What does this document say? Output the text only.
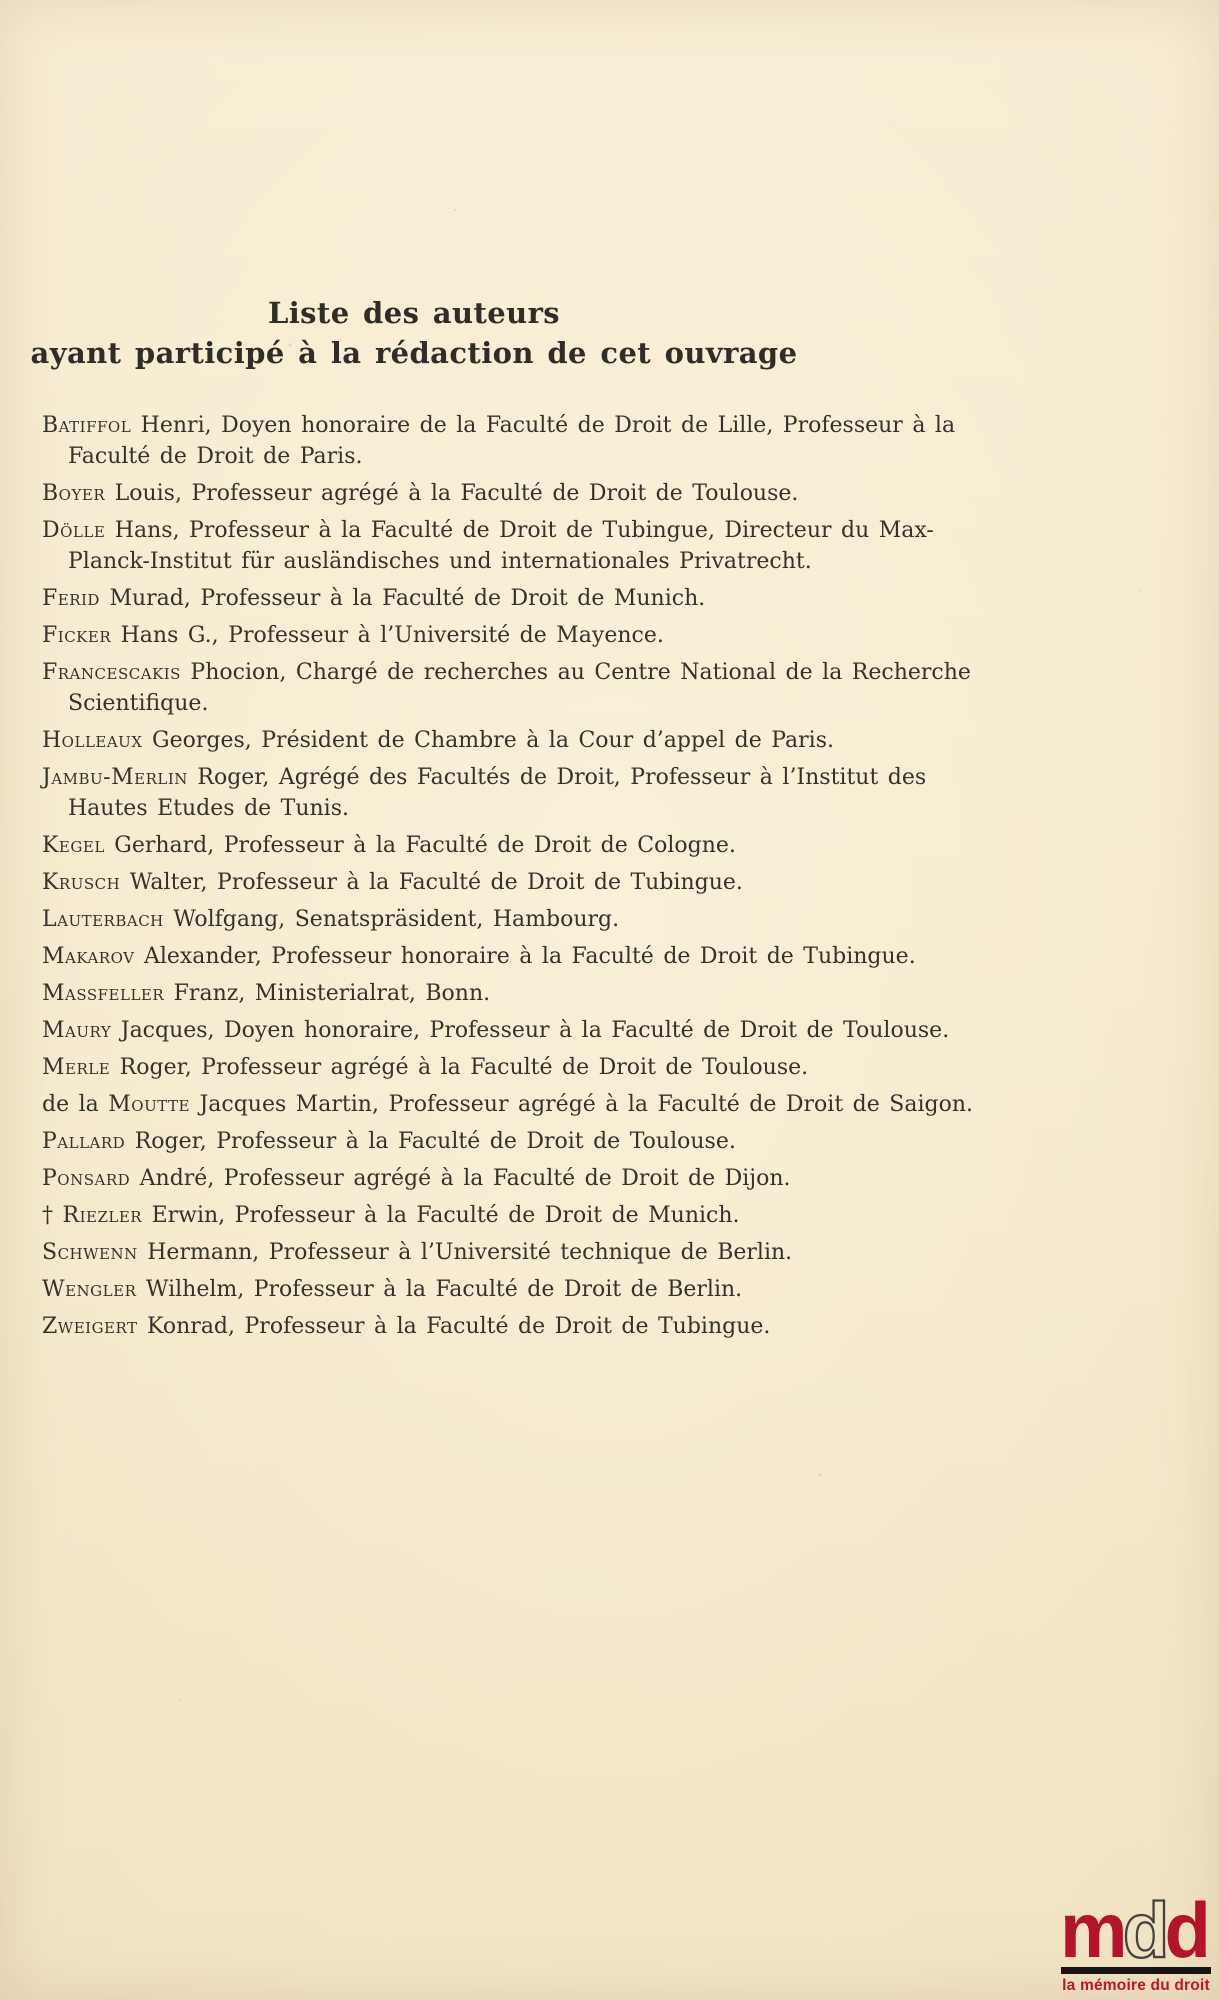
Liste des auteurs
ayant participé à la rédaction de cet ouvrage

Batiffol Henri, Doyen honoraire de la Faculté de Droit de Lille, Professeur à la
Faculté de Droit de Paris.

Boyer Louis, Professeur agrégé à la Faculté de Droit de Toulouse.

Dölle Hans, Professeur à la Faculté de Droit de Tubingue, Directeur du Max-
Planck-Institut für ausländisches und internationales Privatrecht.

Ferid Murad, Professeur à la Faculté de Droit de Munich.

Ficker Hans G., Professeur à l’Université de Mayence.

Francescakis Phocion, Chargé de recherches au Centre National de la Recherche
Scientifique.

Holleaux Georges, Président de Chambre à la Cour d’appel de Paris.

Jambu-Merlin Roger, Agrégé des Facultés de Droit, Professeur à l’Institut des
Hautes Etudes de Tunis.

Kegel Gerhard, Professeur à la Faculté de Droit de Cologne.

Krusch Walter, Professeur à la Faculté de Droit de Tubingue.

Lauterbach Wolfgang, Senatspräsident, Hambourg.

Makarov Alexander, Professeur honoraire à la Faculté de Droit de Tubingue.

Massfeller Franz, Ministerialrat, Bonn.

Maury Jacques, Doyen honoraire, Professeur à la Faculté de Droit de Toulouse.

Merle Roger, Professeur agrégé à la Faculté de Droit de Toulouse.

de la Moutte Jacques Martin, Professeur agrégé à la Faculté de Droit de Saigon.

Pallard Roger, Professeur à la Faculté de Droit de Toulouse.

Ponsard André, Professeur agrégé à la Faculté de Droit de Dijon.

† Riezler Erwin, Professeur à la Faculté de Droit de Munich.

Schwenn Hermann, Professeur à l’Université technique de Berlin.

Wengler Wilhelm, Professeur à la Faculté de Droit de Berlin.

Zweigert Konrad, Professeur à la Faculté de Droit de Tubingue.

mdd
la mémoire du droit
